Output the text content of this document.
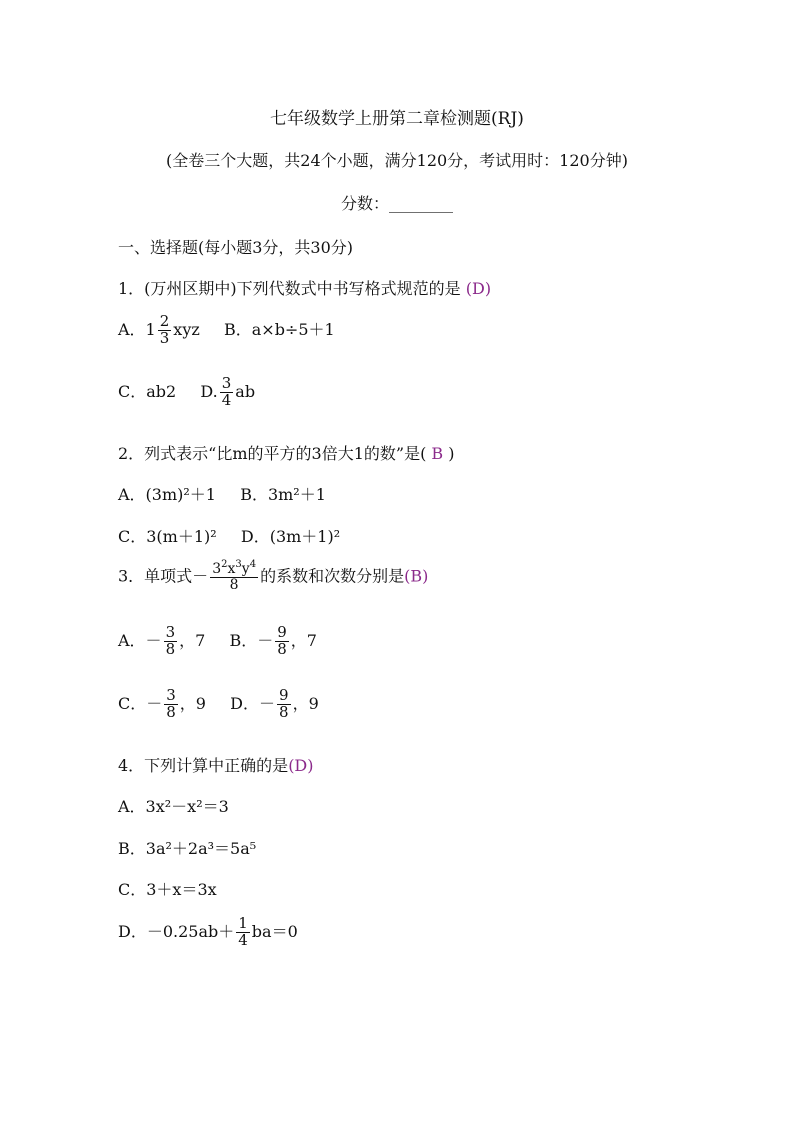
七年级数学上册第二章检测题(RJ)
(全卷三个大题，共24个小题，满分120分，考试用时：120分钟)
分数：________
一、选择题(每小题3分，共30分)
1．(万州区期中)下列代数式中书写格式规范的是 (D)
A．$1 \frac{2}{3}$ xyz B．a×b÷5＋1
C．ab2 D. $\frac{3}{4}$ ab
2．列式表示“比m的平方的3倍大1的数”是( B )
A．(3m)²＋1 B．3m²＋1
C．3(m＋1)² D．(3m＋1)²
3．单项式－ $\frac{3^2x^3y^4}{8}$ 的系数和次数分别是(B)
A．－ $\frac{3}{8}$ ，7 B．－ $\frac{9}{8}$ ，7
C．－ $\frac{3}{8}$ ，9 D．－ $\frac{9}{8}$ ，9
4．下列计算中正确的是(D)
A．3x²－x²＝3
B．3a²＋2a³＝5a⁵
C．3＋x＝3x
D．$-0.25ab+ \frac{1}{4} ba=0$
